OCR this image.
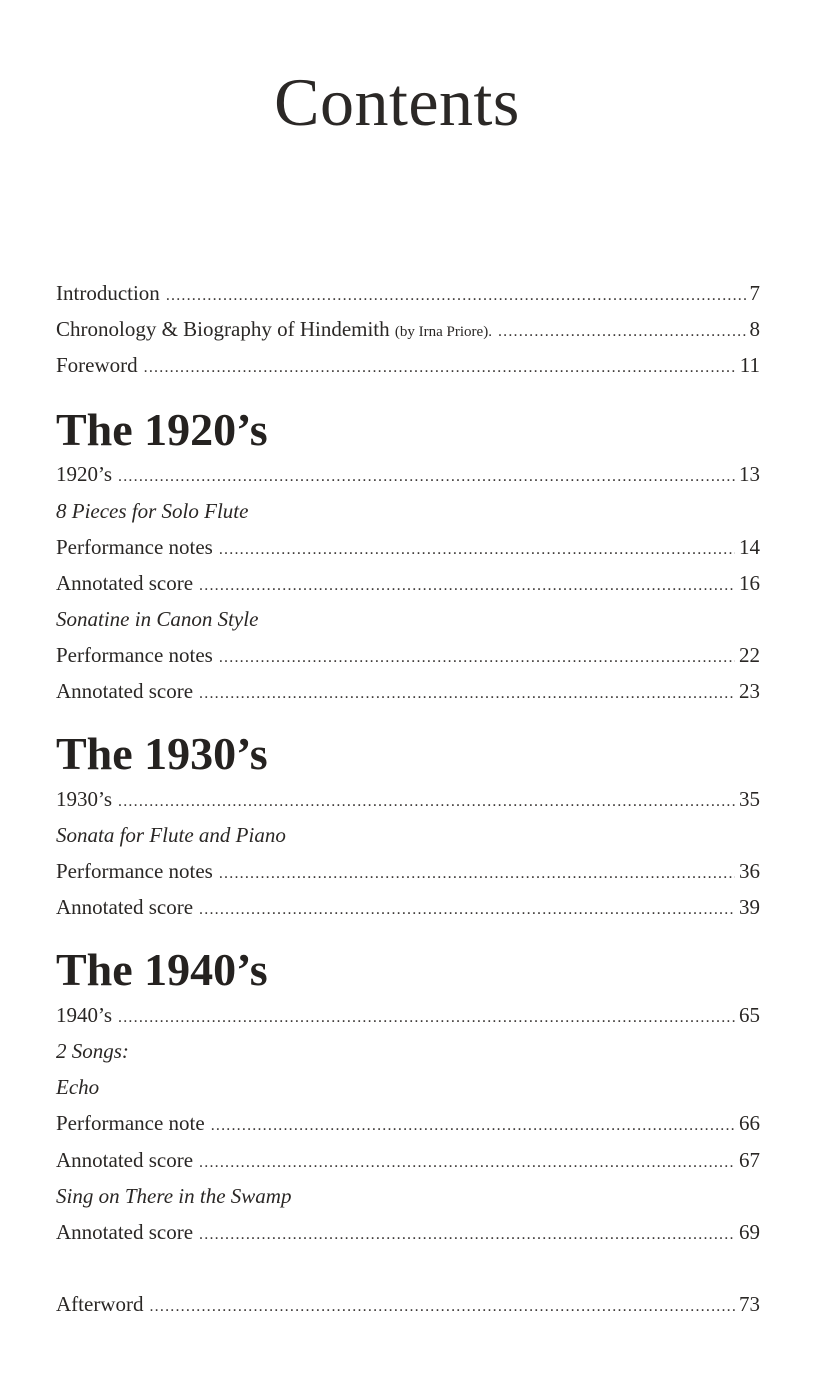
Contents
Introduction .....	7
Chronology & Biography of Hindemith (by Irna Priore). .....	8
Foreword .....	11
The 1920’s
1920’s .....	13
8 Pieces for Solo Flute
Performance notes .....	14
Annotated score .....	16
Sonatine in Canon Style
Performance notes .....	22
Annotated score .....	23
The 1930’s
1930’s .....	35
Sonata for Flute and Piano
Performance notes .....	36
Annotated score .....	39
The 1940’s
1940’s .....	65
2 Songs:
Echo
Performance note .....	66
Annotated score .....	67
Sing on There in the Swamp
Annotated score .....	69
Afterword .....	73
